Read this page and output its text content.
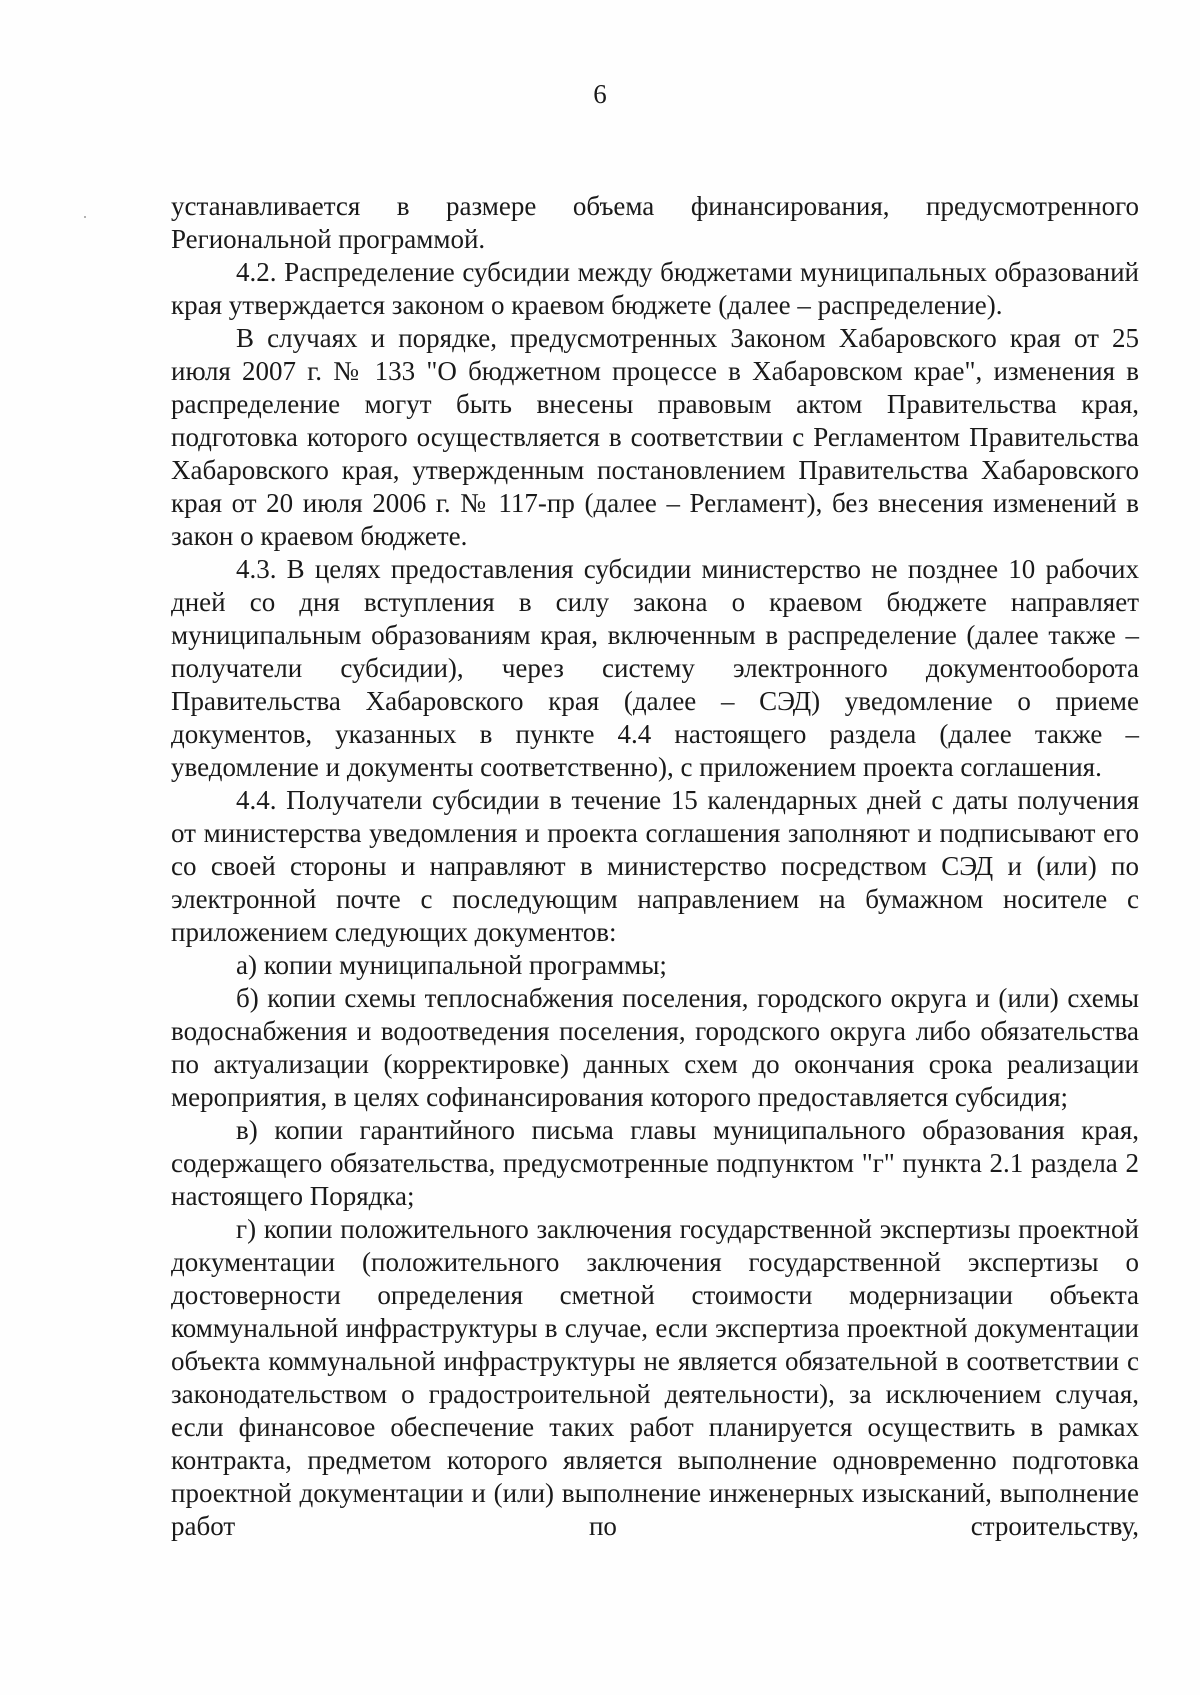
6

устанавливается в размере объема финансирования, предусмотренного Региональной программой.

4.2. Распределение субсидии между бюджетами муниципальных образований края утверждается законом о краевом бюджете (далее – распределение).

В случаях и порядке, предусмотренных Законом Хабаровского края от 25 июля 2007 г. № 133 "О бюджетном процессе в Хабаровском крае", изменения в распределение могут быть внесены правовым актом Правительства края, подготовка которого осуществляется в соответствии с Регламентом Правительства Хабаровского края, утвержденным постановлением Правительства Хабаровского края от 20 июля 2006 г. № 117-пр (далее – Регламент), без внесения изменений в закон о краевом бюджете.

4.3. В целях предоставления субсидии министерство не позднее 10 рабочих дней со дня вступления в силу закона о краевом бюджете направляет муниципальным образованиям края, включенным в распределение (далее также – получатели субсидии), через систему электронного документооборота Правительства Хабаровского края (далее – СЭД) уведомление о приеме документов, указанных в пункте 4.4 настоящего раздела (далее также – уведомление и документы соответственно), с приложением проекта соглашения.

4.4. Получатели субсидии в течение 15 календарных дней с даты получения от министерства уведомления и проекта соглашения заполняют и подписывают его со своей стороны и направляют в министерство посредством СЭД и (или) по электронной почте с последующим направлением на бумажном носителе с приложением следующих документов:

а) копии муниципальной программы;

б) копии схемы теплоснабжения поселения, городского округа и (или) схемы водоснабжения и водоотведения поселения, городского округа либо обязательства по актуализации (корректировке) данных схем до окончания срока реализации мероприятия, в целях софинансирования которого предоставляется субсидия;

в) копии гарантийного письма главы муниципального образования края, содержащего обязательства, предусмотренные подпунктом "г" пункта 2.1 раздела 2 настоящего Порядка;

г) копии положительного заключения государственной экспертизы проектной документации (положительного заключения государственной экспертизы о достоверности определения сметной стоимости модернизации объекта коммунальной инфраструктуры в случае, если экспертиза проектной документации объекта коммунальной инфраструктуры не является обязательной в соответствии с законодательством о градостроительной деятельности), за исключением случая, если финансовое обеспечение таких работ планируется осуществить в рамках контракта, предметом которого является выполнение одновременно подготовка проектной документации и (или) выполнение инженерных изысканий, выполнение работ по строительству,
